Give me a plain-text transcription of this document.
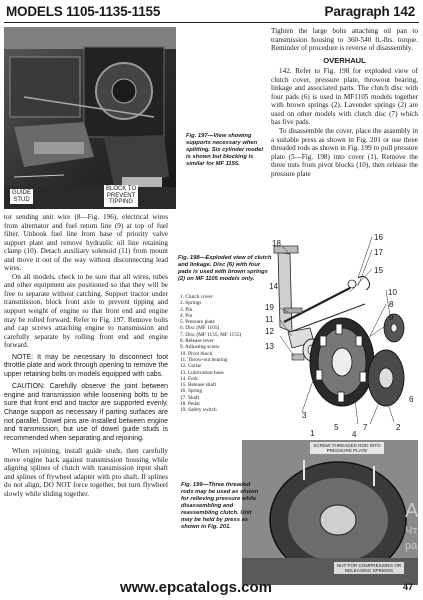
MODELS 1105-1135-1155	Paragraph 142
GUIDE
STUD
BLOCK TO
PREVENT
TIPPING
Fig. 197—View showing supports necessary when splitting. Six cylinder model is shown but blocking is similar for MF 1155.

tor sending unit wire (8—Fig. 196), electrical wires from alternator and fuel return line (9) at top of fuel filter. Unhook fuel line from base of priority valve support plate and remove hydraulic oil line retaining clamp (10). Detach auxiliary solenoid (11) from mount and move it out of the way without disconnecting lead wires.

On all models, check to be sure that all wires, tubes and other equipment are positioned so that they will be free to separate without catching. Support tractor under transmission, block front axle to prevent tipping and support weight of engine so that front end and engine may be rolled forward. Refer to Fig. 197. Remove bolts and cap screws attaching engine to transmission and carefully separate by rolling front end and engine forward.

NOTE: It may be necessary to disconnect foot throttle plate and work through opening to remove the upper retaining bolts on models equipped with cabs.

CAUTION: Carefully observe the joint between engine and transmission while loosening bolts to be sure that front end and tractor are supported evenly. Change support as necessary if parting surfaces are not parallel. Dowel pins are installed between engine and transmission, but use of dowel guide studs is recommended when separating and rejoining.

When rejoining, install guide studs, then carefully move engine back against transmission housing while aligning splines of clutch with transmission input shaft and splines of flywheel adapter with pto shaft. If splines do not align, DO NOT force together, but turn flywheel slowly while sliding together.

Tighten the large bolts attaching oil pan to transmission housing to 360-540 ft.-lbs. torque. Reminder of procedure is reverse of disassembly.

OVERHAUL

142. Refer to Fig. 198 for exploded view of clutch cover, pressure plate, throwout bearing, linkage and associated parts. The clutch disc with four pads (6) is used in MF1105 models together with brown springs (2). Lavender springs (2) are used on other models with clutch disc (7) which has five pads.

To disassemble the cover, place the assembly in a suitable press as shown in Fig. 201 or use three threaded rods as shown in Fig. 199 to pull pressure plate (5—Fig. 198) into cover (1). Remove the three nuts from pivot blocks (10), then release the pressure plate

Fig. 198—Exploded view of clutch and linkage. Disc (6) with four pads is used with brown springs (2) on MF 1105 models only.
1. Clutch cover
2. Springs
3. Pin
4. Pin
5. Pressure plate
6. Disc (MF 1105)
7. Disc (MF 1135, MF 1155)
8. Release lever
9. Adjusting screw
10. Pivot block
11. Throw-out bearing
12. Collar
13. Lubrication hose
14. Fork
15. Release shaft
16. Spring
17. Shaft
18. Pedal
19. Safety switch
18
16
17
15
19
11
12
14
10
13
8
9
6
7
5
3
1	4
2
SCREW THREADED ROD INTO PRESSURE PLATE
NUT FOR COMPRESSING OR RELEASING SPRINGS
Fig. 199—Three threaded rods may be used as shown for relieving pressure while disassembling and reassembling clutch. Unit may be held by press as shown in Fig. 201.
А
Чт
ра
www.epcatalogs.com	47
